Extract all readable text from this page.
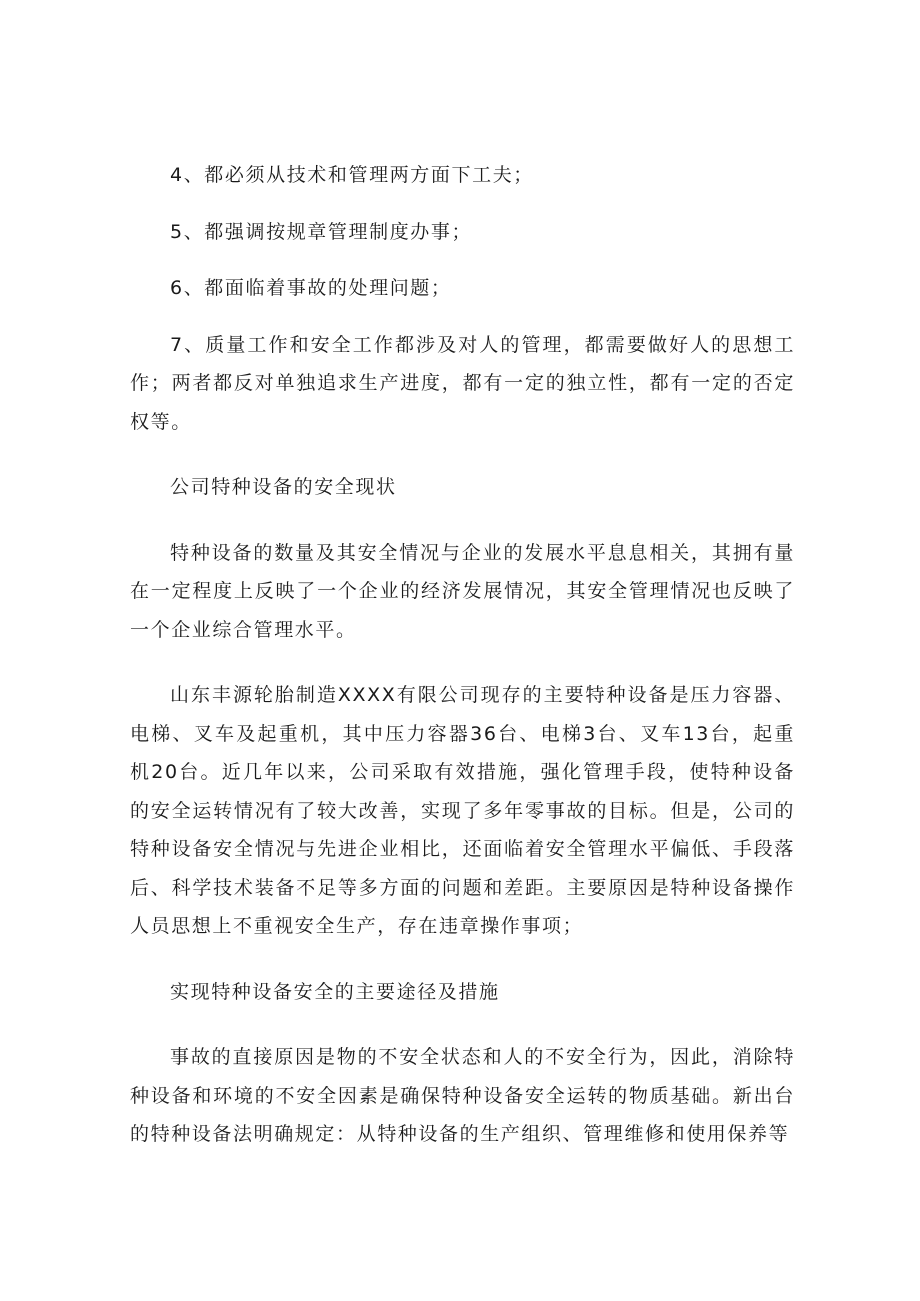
4、都必须从技术和管理两方面下工夫；

5、都强调按规章管理制度办事；

6、都面临着事故的处理问题；

7、质量工作和安全工作都涉及对人的管理，都需要做好人的思想工作；两者都反对单独追求生产进度，都有一定的独立性，都有一定的否定权等。

公司特种设备的安全现状

特种设备的数量及其安全情况与企业的发展水平息息相关，其拥有量在一定程度上反映了一个企业的经济发展情况，其安全管理情况也反映了一个企业综合管理水平。

山东丰源轮胎制造XXXX有限公司现存的主要特种设备是压力容器、电梯、叉车及起重机，其中压力容器36台、电梯3台、叉车13台，起重机20台。近几年以来，公司采取有效措施，强化管理手段，使特种设备的安全运转情况有了较大改善，实现了多年零事故的目标。但是，公司的特种设备安全情况与先进企业相比，还面临着安全管理水平偏低、手段落后、科学技术装备不足等多方面的问题和差距。主要原因是特种设备操作人员思想上不重视安全生产，存在违章操作事项；

实现特种设备安全的主要途径及措施

事故的直接原因是物的不安全状态和人的不安全行为，因此，消除特种设备和环境的不安全因素是确保特种设备安全运转的物质基础。新出台的特种设备法明确规定：从特种设备的生产组织、管理维修和使用保养等
